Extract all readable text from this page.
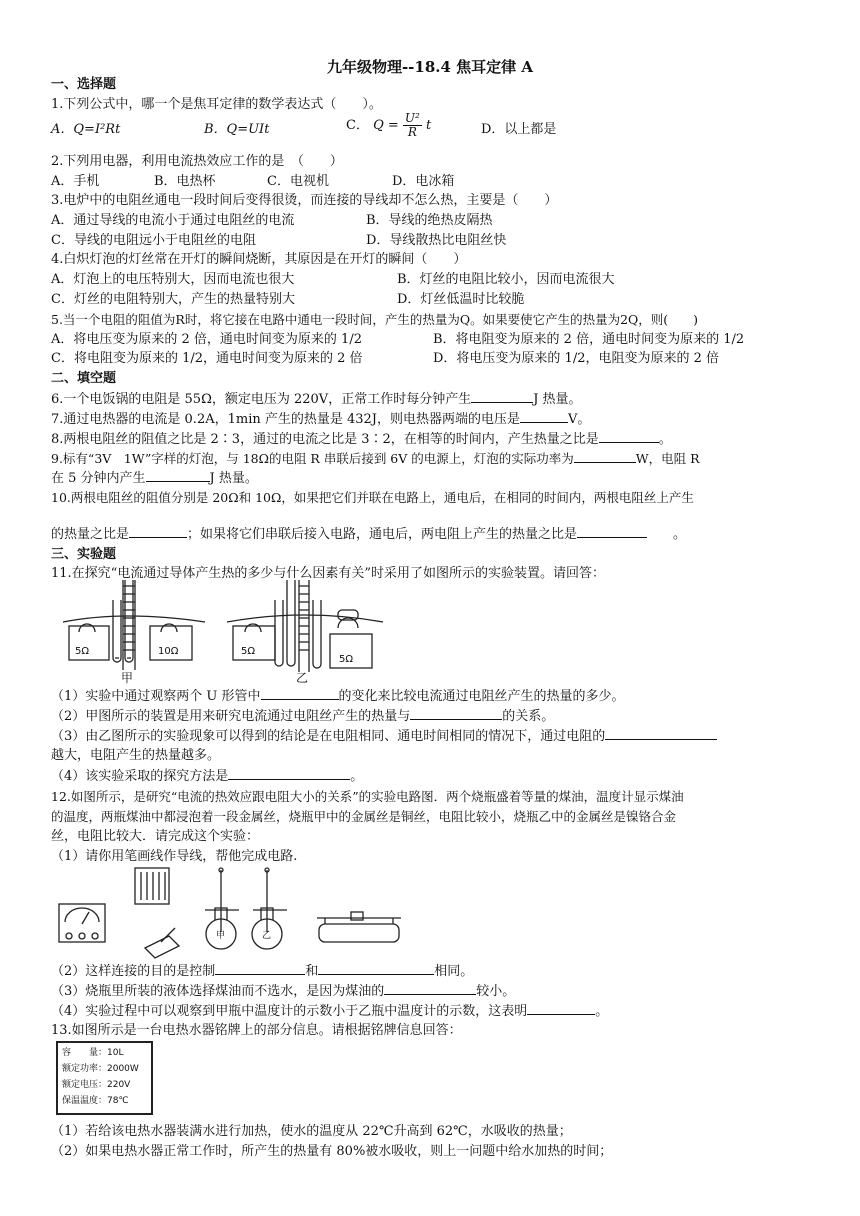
九年级物理--18.4 焦耳定律 A
一、选择题
1.下列公式中，哪一个是焦耳定律的数学表达式（　　）。
A．Q=I²Rt	B．Q=UIt	C． $Q = \frac{\text{U²}}{R}$ t	D．以上都是
2.下列用电器，利用电流热效应工作的是　（　　）
A．手机	B．电热杯	C．电视机	D．电冰箱
3.电炉中的电阻丝通电一段时间后变得很烫，而连接的导线却不怎么热，主要是（　　）
A．通过导线的电流小于通过电阻丝的电流	B．导线的绝热皮隔热
C．导线的电阻远小于电阻丝的电阻	D．导线散热比电阻丝快
4.白炽灯泡的灯丝常在开灯的瞬间烧断，其原因是在开灯的瞬间（　　）
A．灯泡上的电压特别大，因而电流也很大	B．灯丝的电阻比较小，因而电流很大
C．灯丝的电阻特别大，产生的热量特别大	D．灯丝低温时比较脆
5.当一个电阻的阻值为R时，将它接在电路中通电一段时间，产生的热量为Q。如果要使它产生的热量为2Q，则(　　)
A．将电压变为原来的 2 倍，通电时间变为原来的 1/2	B．将电阻变为原来的 2 倍，通电时间变为原来的 1/2
C．将电阻变为原来的 1/2，通电时间变为原来的 2 倍	D．将电压变为原来的 1/2，电阻变为原来的 2 倍
二、填空题
6.一个电饭锅的电阻是 55Ω，额定电压为 220V，正常工作时每分钟产生	J 热量。
7.通过电热器的电流是 0.2A，1min 产生的热量是 432J，则电热器两端的电压是	V。
8.两根电阻丝的阻值之比是 2∶3，通过的电流之比是 3∶2，在相等的时间内，产生热量之比是	。
9.标有“3V　1W”字样的灯泡，与 18Ω的电阻 R 串联后接到 6V 的电源上，灯泡的实际功率为	W，电阻 R
在 5 分钟内产生	J 热量。
10.两根电阻丝的阻值分别是 20Ω和 10Ω，如果把它们并联在电路上，通电后，在相同的时间内，两根电阻丝上产生
的热量之比是	；如果将它们串联后接入电路，通电后，两电阻上产生的热量之比是	。
三、实验题
11.在探究“电流通过导体产生热的多少与什么因素有关”时采用了如图所示的实验装置。请回答：
5Ω	10Ω	5Ω
5Ω
甲	乙
（1）实验中通过观察两个 U 形管中	的变化来比较电流通过电阻丝产生的热量的多少。
（2）甲图所示的装置是用来研究电流通过电阻丝产生的热量与	的关系。
（3）由乙图所示的实验现象可以得到的结论是在电阻相同、通电时间相同的情况下，通过电阻的
越大，电阻产生的热量越多。
（4）该实验采取的探究方法是	。
12.如图所示，是研究“电流的热效应跟电阻大小的关系”的实验电路图．两个烧瓶盛着等量的煤油，温度计显示煤油
的温度，两瓶煤油中都浸泡着一段金属丝，烧瓶甲中的金属丝是铜丝，电阻比较小，烧瓶乙中的金属丝是镍铬合金
丝，电阻比较大．请完成这个实验：
（1）请你用笔画线作导线，帮他完成电路.
甲	乙
（2）这样连接的目的是控制	和	相同。
（3）烧瓶里所装的液体选择煤油而不选水，是因为煤油的	较小。
（4）实验过程中可以观察到甲瓶中温度计的示数小于乙瓶中温度计的示数，这表明	。
13.如图所示是一台电热水器铭牌上的部分信息。请根据铭牌信息回答：
容　　量：10L
额定功率：2000W
额定电压：220V
保温温度：78℃
（1）若给该电热水器装满水进行加热，使水的温度从 22℃升高到 62℃，水吸收的热量；
（2）如果电热水器正常工作时，所产生的热量有 80%被水吸收，则上一问题中给水加热的时间；
